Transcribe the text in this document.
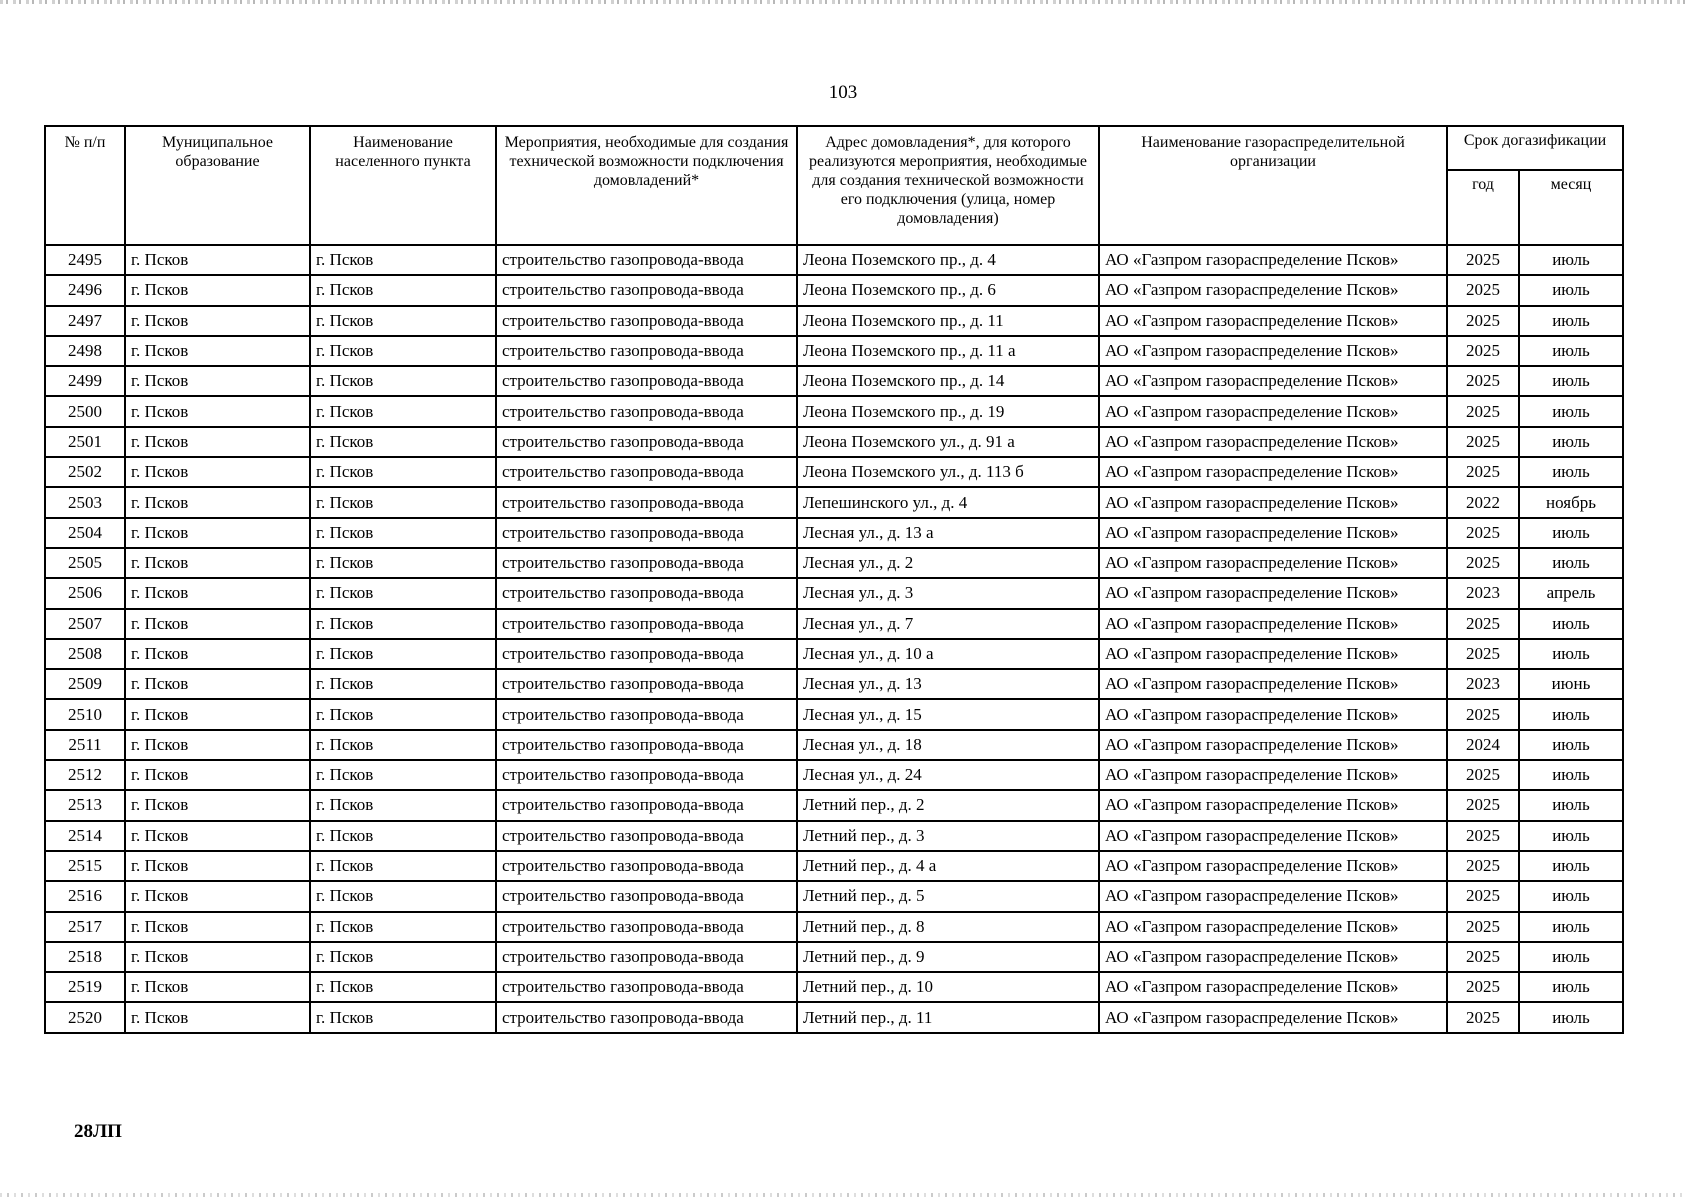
103
№ п/п	Муниципальное образование	Наименование населенного пункта	Мероприятия, необходимые для создания технической возможности подключения домовладений*	Адрес домовладения*, для которого реализуются мероприятия, необходимые для создания технической возможности его подключения (улица, номер домовладения)	Наименование газораспределительной организации	Срок догазификации	
						год	месяц
2495	г. Псков	г. Псков	строительство газопровода-ввода	Леона Поземского пр., д. 4	АО «Газпром газораспределение Псков»	2025	июль
2496	г. Псков	г. Псков	строительство газопровода-ввода	Леона Поземского пр., д. 6	АО «Газпром газораспределение Псков»	2025	июль
2497	г. Псков	г. Псков	строительство газопровода-ввода	Леона Поземского пр., д. 11	АО «Газпром газораспределение Псков»	2025	июль
2498	г. Псков	г. Псков	строительство газопровода-ввода	Леона Поземского пр., д. 11 а	АО «Газпром газораспределение Псков»	2025	июль
2499	г. Псков	г. Псков	строительство газопровода-ввода	Леона Поземского пр., д. 14	АО «Газпром газораспределение Псков»	2025	июль
2500	г. Псков	г. Псков	строительство газопровода-ввода	Леона Поземского пр., д. 19	АО «Газпром газораспределение Псков»	2025	июль
2501	г. Псков	г. Псков	строительство газопровода-ввода	Леона Поземского ул., д. 91 а	АО «Газпром газораспределение Псков»	2025	июль
2502	г. Псков	г. Псков	строительство газопровода-ввода	Леона Поземского ул., д. 113 б	АО «Газпром газораспределение Псков»	2025	июль
2503	г. Псков	г. Псков	строительство газопровода-ввода	Лепешинского ул., д. 4	АО «Газпром газораспределение Псков»	2022	ноябрь
2504	г. Псков	г. Псков	строительство газопровода-ввода	Лесная ул., д. 13 а	АО «Газпром газораспределение Псков»	2025	июль
2505	г. Псков	г. Псков	строительство газопровода-ввода	Лесная ул., д. 2	АО «Газпром газораспределение Псков»	2025	июль
2506	г. Псков	г. Псков	строительство газопровода-ввода	Лесная ул., д. 3	АО «Газпром газораспределение Псков»	2023	апрель
2507	г. Псков	г. Псков	строительство газопровода-ввода	Лесная ул., д. 7	АО «Газпром газораспределение Псков»	2025	июль
2508	г. Псков	г. Псков	строительство газопровода-ввода	Лесная ул., д. 10 а	АО «Газпром газораспределение Псков»	2025	июль
2509	г. Псков	г. Псков	строительство газопровода-ввода	Лесная ул., д. 13	АО «Газпром газораспределение Псков»	2023	июнь
2510	г. Псков	г. Псков	строительство газопровода-ввода	Лесная ул., д. 15	АО «Газпром газораспределение Псков»	2025	июль
2511	г. Псков	г. Псков	строительство газопровода-ввода	Лесная ул., д. 18	АО «Газпром газораспределение Псков»	2024	июль
2512	г. Псков	г. Псков	строительство газопровода-ввода	Лесная ул., д. 24	АО «Газпром газораспределение Псков»	2025	июль
2513	г. Псков	г. Псков	строительство газопровода-ввода	Летний пер., д. 2	АО «Газпром газораспределение Псков»	2025	июль
2514	г. Псков	г. Псков	строительство газопровода-ввода	Летний пер., д. 3	АО «Газпром газораспределение Псков»	2025	июль
2515	г. Псков	г. Псков	строительство газопровода-ввода	Летний пер., д. 4 а	АО «Газпром газораспределение Псков»	2025	июль
2516	г. Псков	г. Псков	строительство газопровода-ввода	Летний пер., д. 5	АО «Газпром газораспределение Псков»	2025	июль
2517	г. Псков	г. Псков	строительство газопровода-ввода	Летний пер., д. 8	АО «Газпром газораспределение Псков»	2025	июль
2518	г. Псков	г. Псков	строительство газопровода-ввода	Летний пер., д. 9	АО «Газпром газораспределение Псков»	2025	июль
2519	г. Псков	г. Псков	строительство газопровода-ввода	Летний пер., д. 10	АО «Газпром газораспределение Псков»	2025	июль
2520	г. Псков	г. Псков	строительство газопровода-ввода	Летний пер., д. 11	АО «Газпром газораспределение Псков»	2025	июль
28ЛП
